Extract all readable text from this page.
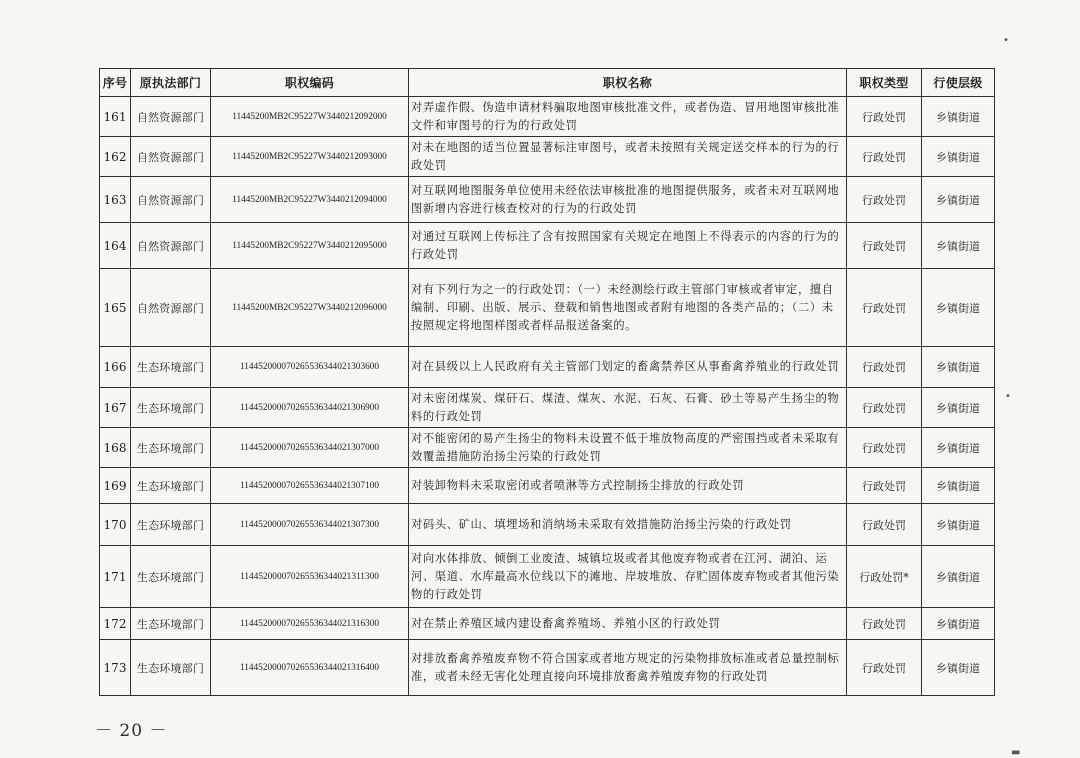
•
•
▬
序号	原执法部门	职权编码	职权名称	职权类型	行使层级
161	自然资源部门	11445200MB2C95227W3440212092000	对弄虚作假、伪造申请材料骗取地图审核批准文件，或者伪造、冒用地图审核批准文件和审图号的行为的行政处罚	行政处罚	乡镇街道
162	自然资源部门	11445200MB2C95227W3440212093000	对未在地图的适当位置显著标注审图号，或者未按照有关规定送交样本的行为的行政处罚	行政处罚	乡镇街道
163	自然资源部门	11445200MB2C95227W3440212094000	对互联网地图服务单位使用未经依法审核批准的地图提供服务，或者未对互联网地图新增内容进行核查校对的行为的行政处罚	行政处罚	乡镇街道
164	自然资源部门	11445200MB2C95227W3440212095000	对通过互联网上传标注了含有按照国家有关规定在地图上不得表示的内容的行为的行政处罚	行政处罚	乡镇街道
165	自然资源部门	11445200MB2C95227W3440212096000	对有下列行为之一的行政处罚：（一）未经测绘行政主管部门审核或者审定，擅自编制、印刷、出版、展示、登载和销售地图或者附有地图的各类产品的；（二）未按照规定将地图样图或者样品报送备案的。	行政处罚	乡镇街道
166	生态环境部门	114452000070265536344021303600	对在县级以上人民政府有关主管部门划定的畜禽禁养区从事畜禽养殖业的行政处罚	行政处罚	乡镇街道
167	生态环境部门	114452000070265536344021306900	对未密闭煤炭、煤矸石、煤渣、煤灰、水泥、石灰、石膏、砂土等易产生扬尘的物料的行政处罚	行政处罚	乡镇街道
168	生态环境部门	114452000070265536344021307000	对不能密闭的易产生扬尘的物料未设置不低于堆放物高度的严密围挡或者未采取有效覆盖措施防治扬尘污染的行政处罚	行政处罚	乡镇街道
169	生态环境部门	114452000070265536344021307100	对装卸物料未采取密闭或者喷淋等方式控制扬尘排放的行政处罚	行政处罚	乡镇街道
170	生态环境部门	114452000070265536344021307300	对码头、矿山、填埋场和消纳场未采取有效措施防治扬尘污染的行政处罚	行政处罚	乡镇街道
171	生态环境部门	114452000070265536344021311300	对向水体排放、倾倒工业废渣、城镇垃圾或者其他废弃物或者在江河、湖泊、运河、渠道、水库最高水位线以下的滩地、岸坡堆放、存贮固体废弃物或者其他污染物的行政处罚	行政处罚*	乡镇街道
172	生态环境部门	114452000070265536344021316300	对在禁止养殖区域内建设畜禽养殖场、养殖小区的行政处罚	行政处罚	乡镇街道
173	生态环境部门	114452000070265536344021316400	对排放畜禽养殖废弃物不符合国家或者地方规定的污染物排放标准或者总量控制标准，或者未经无害化处理直接向环境排放畜禽养殖废弃物的行政处罚	行政处罚	乡镇街道
－ 20 －
